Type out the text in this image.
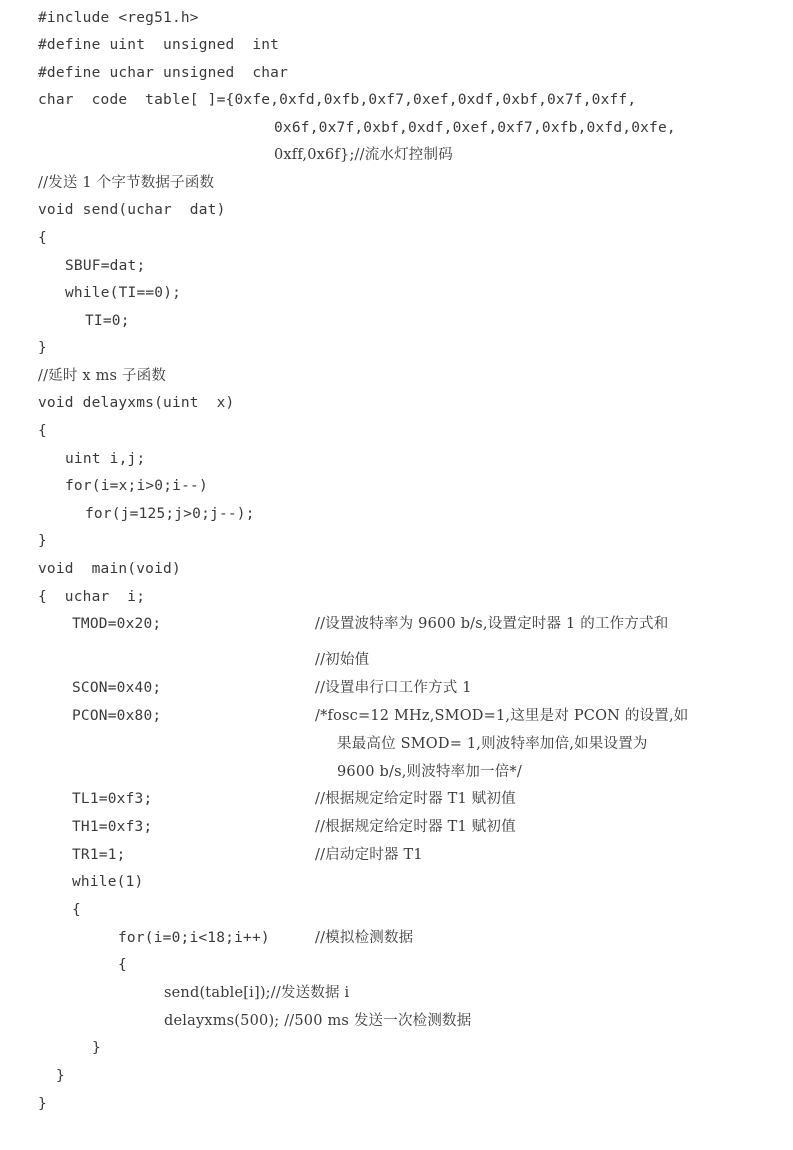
#include <reg51.h>
#define uint  unsigned  int
#define uchar unsigned  char
char  code  table[ ]={0xfe,0xfd,0xfb,0xf7,0xef,0xdf,0xbf,0x7f,0xff,
0x6f,0x7f,0xbf,0xdf,0xef,0xf7,0xfb,0xfd,0xfe,
0xff,0x6f};//流水灯控制码
//发送 1 个字节数据子函数
void send(uchar  dat)
{
SBUF=dat;
while(TI==0);
TI=0;
}
//延时 x ms 子函数
void delayxms(uint  x)
{
uint i,j;
for(i=x;i>0;i--)
for(j=125;j>0;j--);
}
void  main(void)
{  uchar  i;
TMOD=0x20;	//设置波特率为 9600 b/s,设置定时器 1 的工作方式和
//初始值
SCON=0x40;	//设置串行口工作方式 1
PCON=0x80;	/*fosc=12 MHz,SMOD=1,这里是对 PCON 的设置,如
果最高位 SMOD= 1,则波特率加倍,如果设置为
9600 b/s,则波特率加一倍*/
TL1=0xf3;	//根据规定给定时器 T1 赋初值
TH1=0xf3;	//根据规定给定时器 T1 赋初值
TR1=1;	//启动定时器 T1
while(1)
{
for(i=0;i<18;i++)	//模拟检测数据
{
send(table[i]);//发送数据 i
delayxms(500); //500 ms 发送一次检测数据
}
}
}
